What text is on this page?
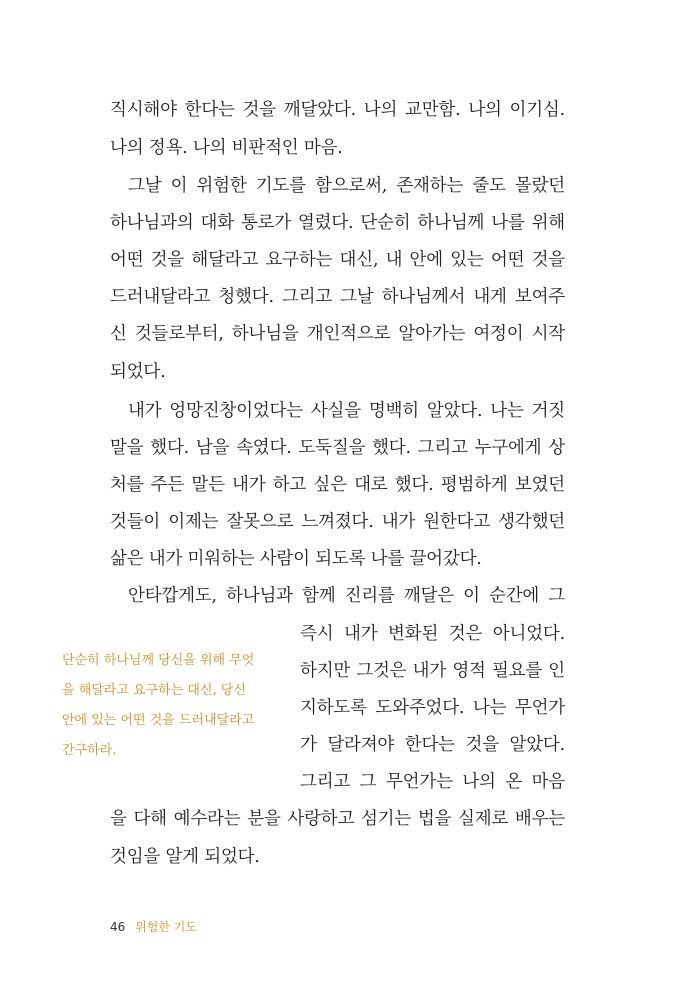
직시해야 한다는 것을 깨달았다. 나의 교만함. 나의 이기심.
나의 정욕. 나의 비판적인 마음.
그날 이 위험한 기도를 함으로써, 존재하는 줄도 몰랐던
하나님과의 대화 통로가 열렸다. 단순히 하나님께 나를 위해
어떤 것을 해달라고 요구하는 대신, 내 안에 있는 어떤 것을
드러내달라고 청했다. 그리고 그날 하나님께서 내게 보여주
신 것들로부터, 하나님을 개인적으로 알아가는 여정이 시작
되었다.
내가 엉망진창이었다는 사실을 명백히 알았다. 나는 거짓
말을 했다. 남을 속였다. 도둑질을 했다. 그리고 누구에게 상
처를 주든 말든 내가 하고 싶은 대로 했다. 평범하게 보였던
것들이 이제는 잘못으로 느껴졌다. 내가 원한다고 생각했던
삶은 내가 미워하는 사람이 되도록 나를 끌어갔다.
안타깝게도, 하나님과 함께 진리를 깨달은 이 순간에 그
즉시 내가 변화된 것은 아니었다.
하지만 그것은 내가 영적 필요를 인
지하도록 도와주었다. 나는 무언가
가 달라져야 한다는 것을 알았다.
그리고 그 무언가는 나의 온 마음
을 다해 예수라는 분을 사랑하고 섬기는 법을 실제로 배우는
것임을 알게 되었다.
단순히 하나님께 당신을 위해 무엇
을 해달라고 요구하는 대신, 당신
안에 있는 어떤 것을 드러내달라고
간구하라.
46 위험한 기도
